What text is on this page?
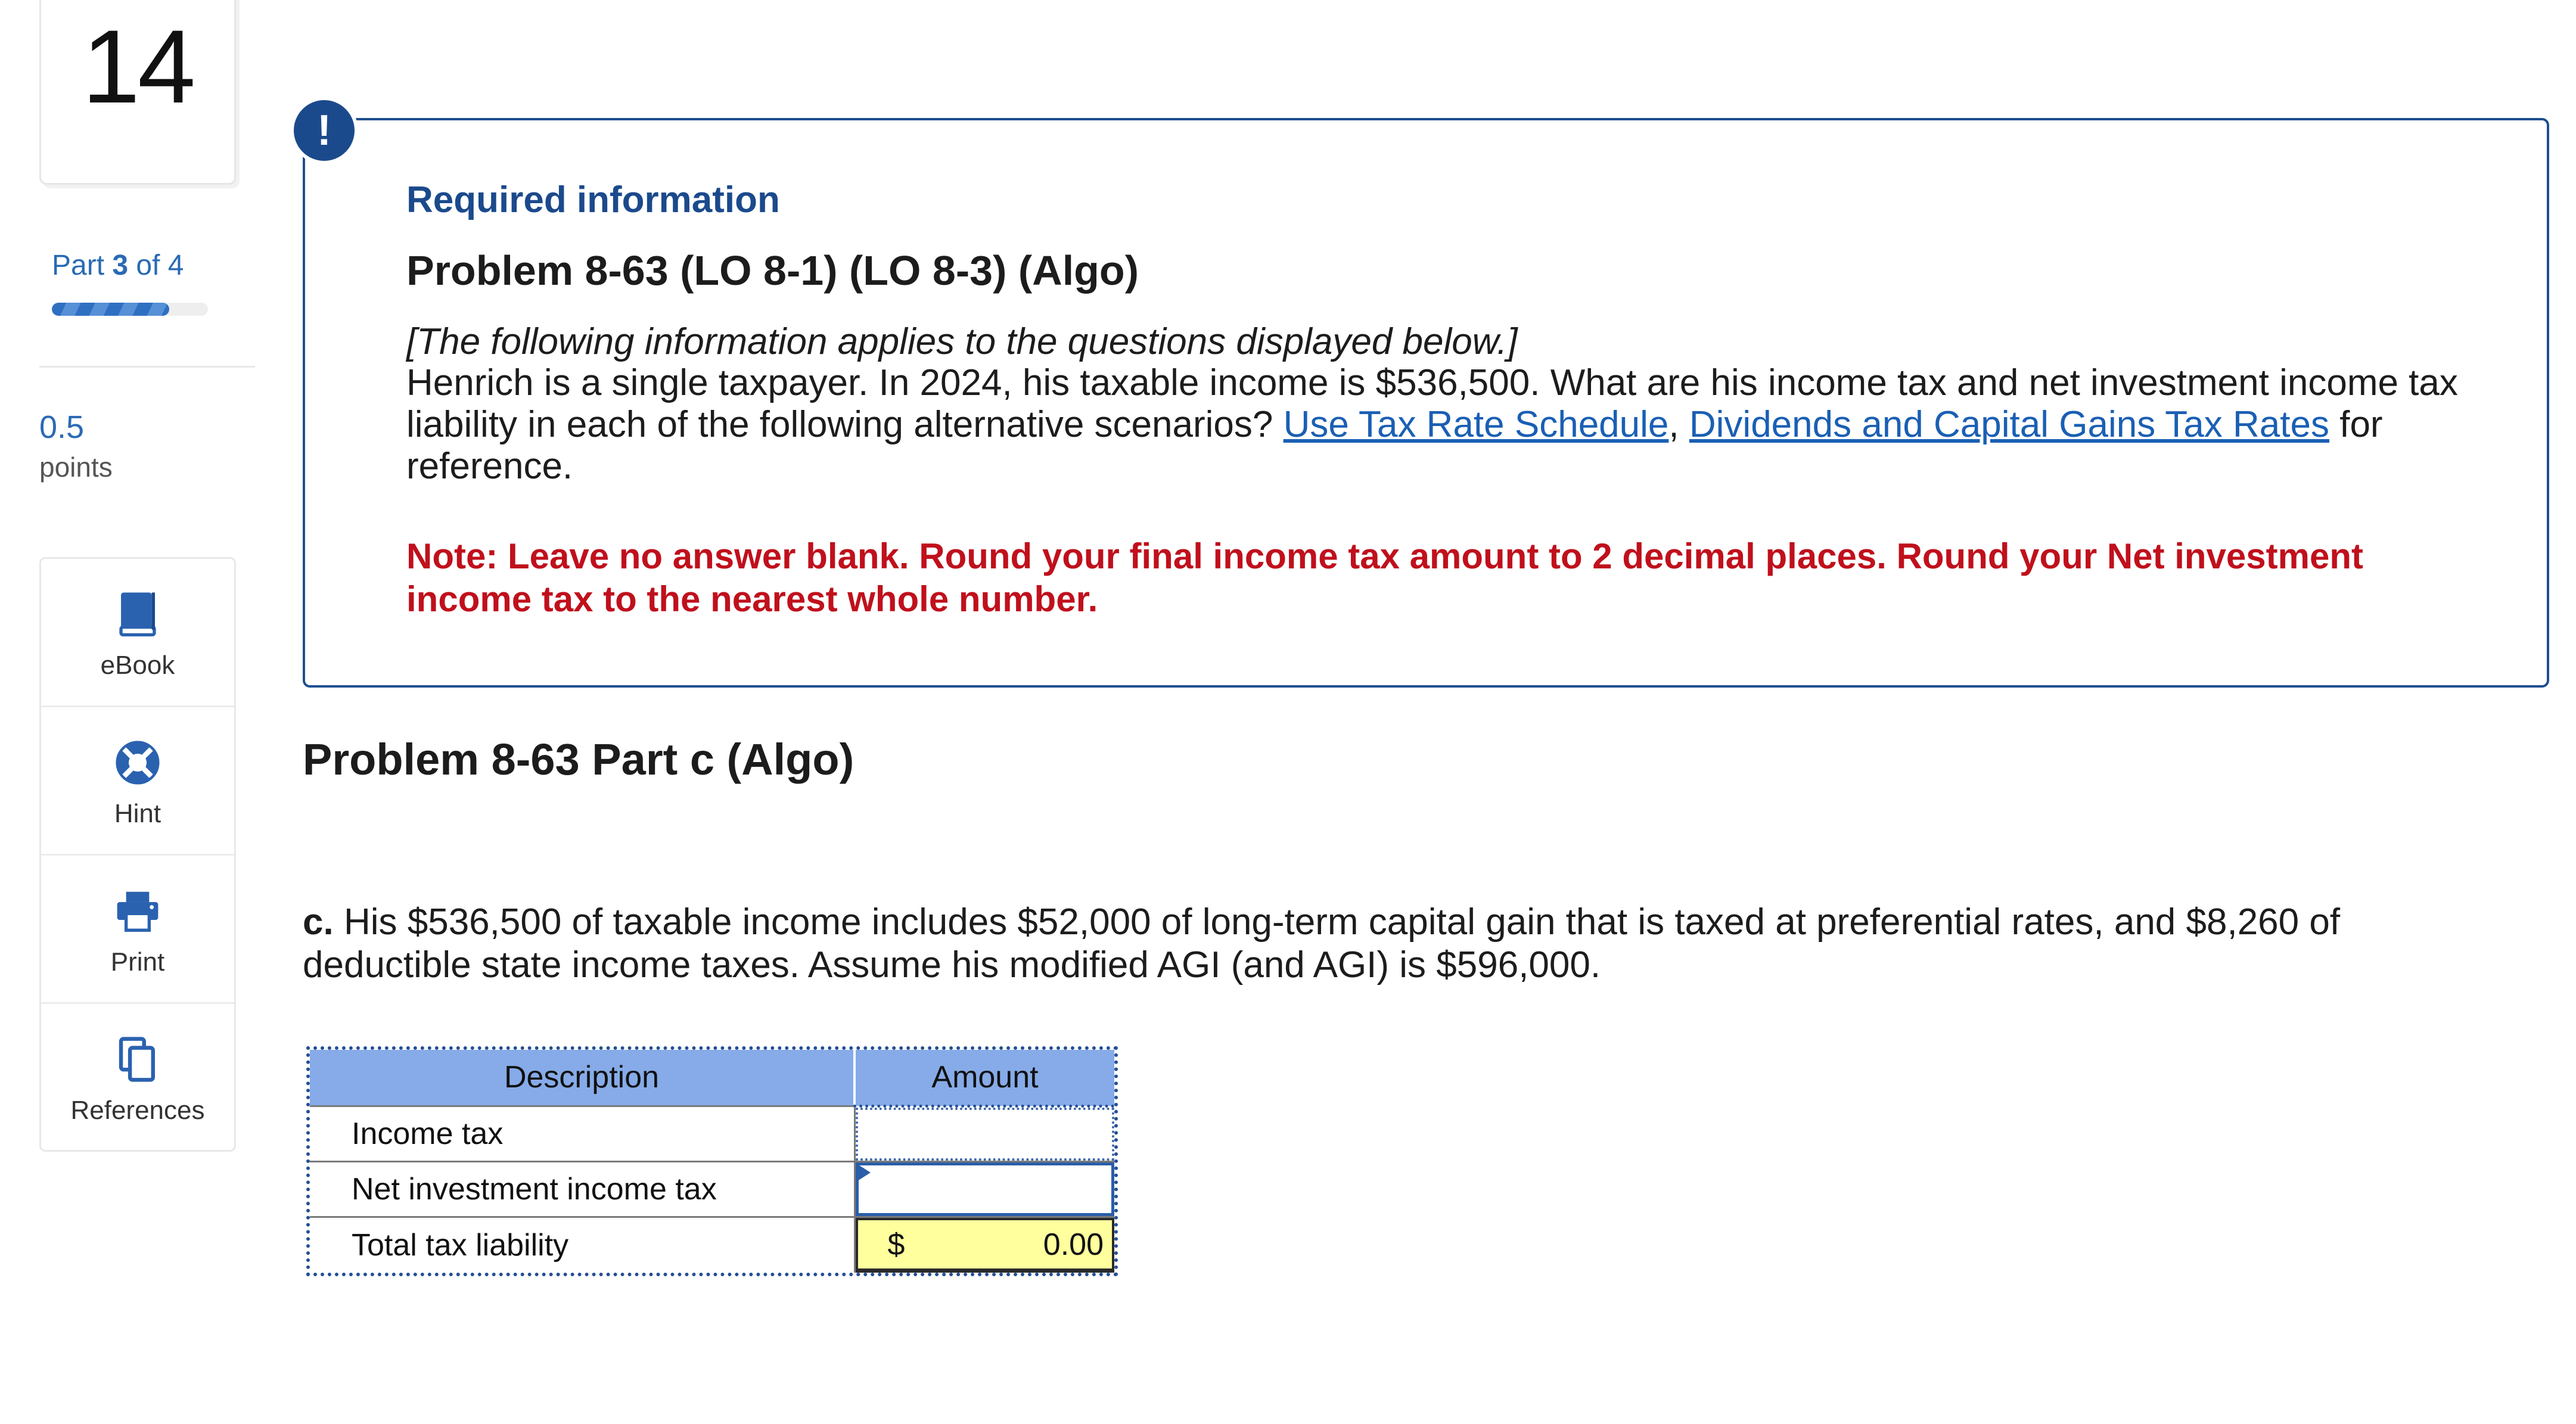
14
Part 3 of 4
0.5
points
eBook
Hint
Print
References
!
Required information
Problem 8-63 (LO 8-1) (LO 8-3) (Algo)
[The following information applies to the questions displayed below.]
Henrich is a single taxpayer. In 2024, his taxable income is $536,500. What are his income tax and net investment income tax liability in each of the following alternative scenarios? Use Tax Rate Schedule, Dividends and Capital Gains Tax Rates for reference.
Note: Leave no answer blank. Round your final income tax amount to 2 decimal places. Round your Net investment income tax to the nearest whole number.
Problem 8-63 Part c (Algo)
c. His $536,500 of taxable income includes $52,000 of long-term capital gain that is taxed at preferential rates, and $8,260 of deductible state income taxes. Assume his modified AGI (and AGI) is $596,000.
Description	Amount
Income tax	

Net investment income tax	

Total tax liability	$ 0.00
